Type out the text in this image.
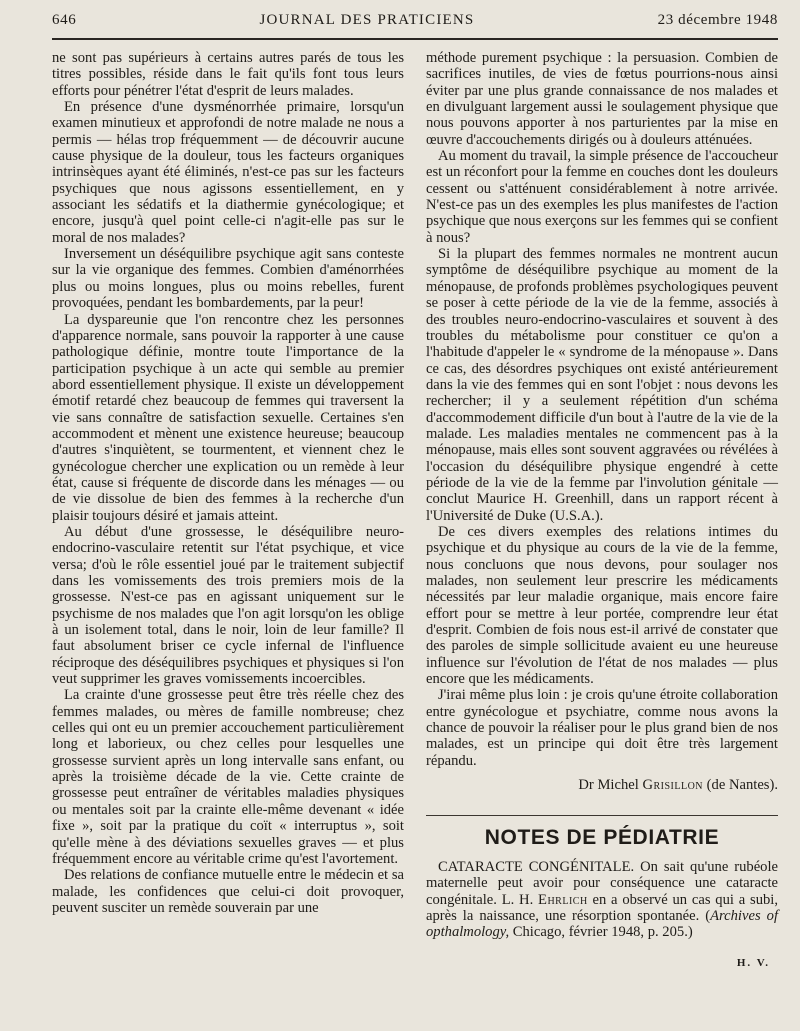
646	JOURNAL DES PRATICIENS	23 décembre 1948

ne sont pas supérieurs à certains autres parés de tous les titres possibles, réside dans le fait qu'ils font tous leurs efforts pour pénétrer l'état d'esprit de leurs malades.

En présence d'une dysménorrhée primaire, lorsqu'un examen minutieux et approfondi de notre malade ne nous a permis — hélas trop fréquemment — de découvrir aucune cause physique de la douleur, tous les facteurs organiques intrinsèques ayant été éliminés, n'est-ce pas sur les facteurs psychiques que nous agissons essentiellement, en y associant les sédatifs et la diathermie gynécologique; et encore, jusqu'à quel point celle-ci n'agit-elle pas sur le moral de nos malades?

Inversement un déséquilibre psychique agit sans conteste sur la vie organique des femmes. Combien d'aménorrhées plus ou moins longues, plus ou moins rebelles, furent provoquées, pendant les bombardements, par la peur!

La dyspareunie que l'on rencontre chez les personnes d'apparence normale, sans pouvoir la rapporter à une cause pathologique définie, montre toute l'importance de la participation psychique à un acte qui semble au premier abord essentiellement physique. Il existe un développement émotif retardé chez beaucoup de femmes qui traversent la vie sans connaître de satisfaction sexuelle. Certaines s'en accommodent et mènent une existence heureuse; beaucoup d'autres s'inquiètent, se tourmentent, et viennent chez le gynécologue chercher une explication ou un remède à leur état, cause si fréquente de discorde dans les ménages — ou de vie dissolue de bien des femmes à la recherche d'un plaisir toujours désiré et jamais atteint.

Au début d'une grossesse, le déséquilibre neuro-endocrino-vasculaire retentit sur l'état psychique, et vice versa; d'où le rôle essentiel joué par le traitement subjectif dans les vomissements des trois premiers mois de la grossesse. N'est-ce pas en agissant uniquement sur le psychisme de nos malades que l'on agit lorsqu'on les oblige à un isolement total, dans le noir, loin de leur famille? Il faut absolument briser ce cycle infernal de l'influence réciproque des déséquilibres psychiques et physiques si l'on veut supprimer les graves vomissements incoercibles.

La crainte d'une grossesse peut être très réelle chez des femmes malades, ou mères de famille nombreuse; chez celles qui ont eu un premier accouchement particulièrement long et laborieux, ou chez celles pour lesquelles une grossesse survient après un long intervalle sans enfant, ou après la troisième décade de la vie. Cette crainte de grossesse peut entraîner de véritables maladies physiques ou mentales soit par la crainte elle-même devenant « idée fixe », soit par la pratique du coït « interruptus », soit qu'elle mène à des déviations sexuelles graves — et plus fréquemment encore au véritable crime qu'est l'avortement.

Des relations de confiance mutuelle entre le médecin et sa malade, les confidences que celui-ci doit provoquer, peuvent susciter un remède souverain par une

méthode purement psychique : la persuasion. Combien de sacrifices inutiles, de vies de fœtus pourrions-nous ainsi éviter par une plus grande connaissance de nos malades et en divulguant largement aussi le soulagement physique que nous pouvons apporter à nos parturientes par la mise en œuvre d'accouchements dirigés ou à douleurs atténuées.

Au moment du travail, la simple présence de l'accoucheur est un réconfort pour la femme en couches dont les douleurs cessent ou s'atténuent considérablement à notre arrivée. N'est-ce pas un des exemples les plus manifestes de l'action psychique que nous exerçons sur les femmes qui se confient à nous?

Si la plupart des femmes normales ne montrent aucun symptôme de déséquilibre psychique au moment de la ménopause, de profonds problèmes psychologiques peuvent se poser à cette période de la vie de la femme, associés à des troubles neuro-endocrino-vasculaires et souvent à des troubles du métabolisme pour constituer ce qu'on a l'habitude d'appeler le « syndrome de la ménopause ». Dans ce cas, des désordres psychiques ont existé antérieurement dans la vie des femmes qui en sont l'objet : nous devons les rechercher; il y a seulement répétition d'un schéma d'accommodement difficile d'un bout à l'autre de la vie de la malade. Les maladies mentales ne commencent pas à la ménopause, mais elles sont souvent aggravées ou révélées à l'occasion du déséquilibre physique engendré à cette période de la vie de la femme par l'involution génitale — conclut Maurice H. Greenhill, dans un rapport récent à l'Université de Duke (U.S.A.).

De ces divers exemples des relations intimes du psychique et du physique au cours de la vie de la femme, nous concluons que nous devons, pour soulager nos malades, non seulement leur prescrire les médicaments nécessités par leur maladie organique, mais encore faire effort pour se mettre à leur portée, comprendre leur état d'esprit. Combien de fois nous est-il arrivé de constater que des paroles de simple sollicitude avaient eu une heureuse influence sur l'évolution de l'état de nos malades — plus encore que les médicaments.

J'irai même plus loin : je crois qu'une étroite collaboration entre gynécologue et psychiatre, comme nous avons la chance de pouvoir la réaliser pour le plus grand bien de nos malades, est un principe qui doit être très largement répandu.

Dr Michel Grisillon (de Nantes).

NOTES DE PÉDIATRIE

CATARACTE CONGÉNITALE. On sait qu'une rubéole maternelle peut avoir pour conséquence une cataracte congénitale. L. H. Ehrlich en a observé un cas qui a subi, après la naissance, une résorption spontanée. (Archives of opthalmology, Chicago, février 1948, p. 205.)

H. V.
